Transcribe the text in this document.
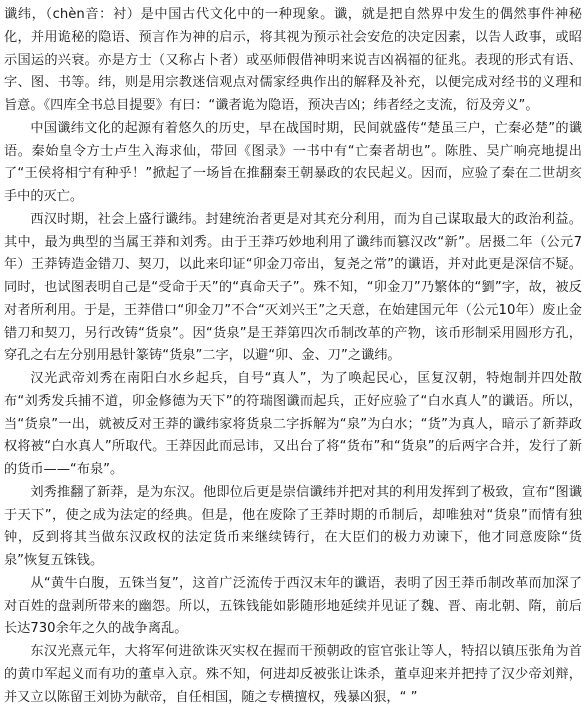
谶纬，（chèn音：衬）是中国古代文化中的一种现象。谶，就是把自然界中发生的偶然事件神秘化，并用诡秘的隐语、预言作为神的启示，将其视为预示社会安危的决定因素，以告人政事，或昭示国运的兴衰。亦是方士（又称占卜者）或巫师假借神明来说吉凶祸福的征兆。表现的形式有语、字、图、书等。纬，则是用宗教迷信观点对儒家经典作出的解释及补充，以便完成对经书的义理和旨意。《四库全书总目提要》有曰：“谶者诡为隐语，预决吉凶；纬者经之支流，衍及旁义”。

中国谶纬文化的起源有着悠久的历史，早在战国时期，民间就盛传“楚虽三户，亡秦必楚”的谶语。秦始皇令方士卢生入海求仙，带回《图录》一书中有“亡秦者胡也”。陈胜、吴广响亮地提出了“王侯将相宁有种乎！”掀起了一场旨在推翻秦王朝暴政的农民起义。因而，应验了秦在二世胡亥手中的灭亡。

西汉时期，社会上盛行谶纬。封建统治者更是对其充分利用，而为自己谋取最大的政治利益。其中，最为典型的当属王莽和刘秀。由于王莽巧妙地利用了谶纬而篡汉改“新”。居摄二年（公元7年）王莽铸造金错刀、契刀，以此来印证“卯金刀帝出，复尧之常”的谶语，并对此更是深信不疑。同时，也试图表明自己是“受命于天”的“真命天子”。殊不知，“卯金刀”乃繁体的“劉”字，故，被反对者所利用。于是，王莽借口“卯金刀”不合“灭刘兴王”之天意，在始建国元年（公元10年）废止金错刀和契刀，另行改铸“货泉”。因“货泉”是王莽第四次币制改革的产物，该币形制采用圆形方孔，穿孔之右左分别用悬针篆铸“货泉”二字，以避“卯、金、刀”之谶纬。

汉光武帝刘秀在南阳白水乡起兵，自号“真人”，为了唤起民心，匡复汉朝，特炮制并四处散布“刘秀发兵捕不道，卯金修德为天下”的符瑞图谶而起兵，正好应验了“白水真人”的谶语。所以，当“货泉”一出，就被反对王莽的谶纬家将货泉二字拆解为“泉”为白水；“货”为真人，暗示了新莽政权将被“白水真人”所取代。王莽因此而忌讳，又出台了将“货布”和“货泉”的后两字合并，发行了新的货币——“布泉”。

刘秀推翻了新莽，是为东汉。他即位后更是崇信谶纬并把对其的利用发挥到了极致，宣布“图谶于天下”，使之成为法定的经典。但是，他在废除了王莽时期的币制后，却唯独对“货泉”而情有独钟，反到将其当做东汉政权的法定货币来继续铸行，在大臣们的极力劝谏下，他才同意废除“货泉”恢复五铢钱。

从“黄牛白腹，五铢当复”，这首广泛流传于西汉末年的谶语，表明了因王莽币制改革而加深了对百姓的盘剥所带来的幽怨。所以，五铢钱能如影随形地延续并见证了魏、晋、南北朝、隋，前后长达730余年之久的战争离乱。

东汉光熹元年，大将军何进欲诛灭实权在握而干预朝政的宦官张让等人，特招以镇压张角为首的黄巾军起义而有功的董卓入京。殊不知，何进却反被张让诛杀，董卓迎来并把持了汉少帝刘辩，并又立以陈留王刘协为献帝，自任相国，随之专横擅权，残暴凶狠，“ ”
